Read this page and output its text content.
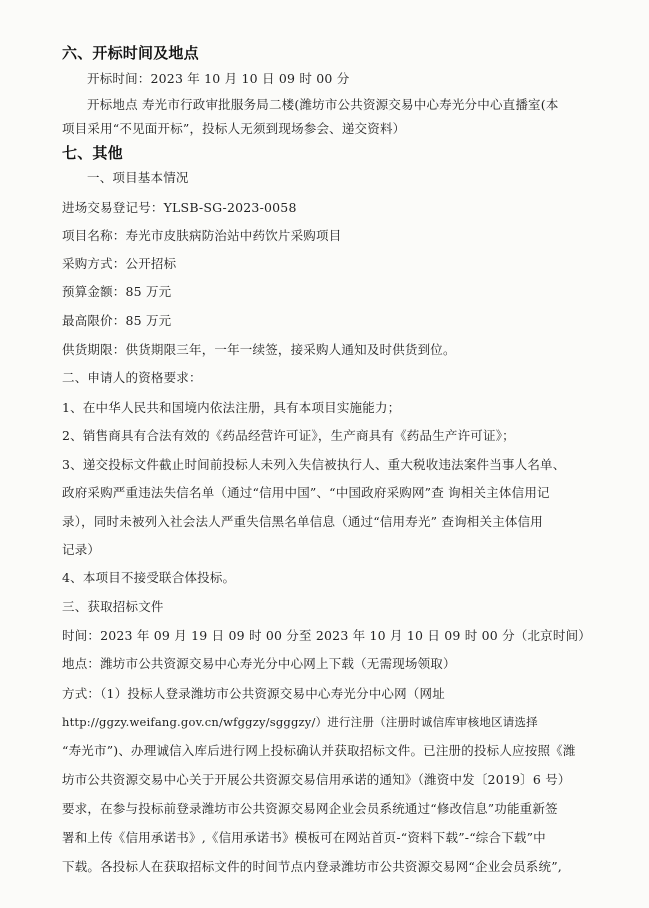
六、开标时间及地点
开标时间：2023 年 10 月 10 日 09 时 00 分
开标地点 寿光市行政审批服务局二楼(潍坊市公共资源交易中心寿光分中心直播室(本
项目采用“不见面开标”，投标人无须到现场参会、递交资料）
七、其他
一、项目基本情况
进场交易登记号：YLSB-SG-2023-0058
项目名称：寿光市皮肤病防治站中药饮片采购项目
采购方式：公开招标
预算金额：85 万元
最高限价：85 万元
供货期限：供货期限三年，一年一续签，接采购人通知及时供货到位。
二、申请人的资格要求：
1、在中华人民共和国境内依法注册，具有本项目实施能力；
2、销售商具有合法有效的《药品经营许可证》，生产商具有《药品生产许可证》；
3、递交投标文件截止时间前投标人未列入失信被执行人、重大税收违法案件当事人名单、
政府采购严重违法失信名单（通过“信用中国”、“中国政府采购网”查 询相关主体信用记
录），同时未被列入社会法人严重失信黑名单信息（通过“信用寿光” 查询相关主体信用
记录）
4、本项目不接受联合体投标。
三、获取招标文件
时间：2023 年 09 月 19 日 09 时 00 分至 2023 年 10 月 10 日 09 时 00 分（北京时间）
地点：潍坊市公共资源交易中心寿光分中心网上下载（无需现场领取）
方式：（1）投标人登录潍坊市公共资源交易中心寿光分中心网（网址
http://ggzy.weifang.gov.cn/wfggzy/sgggzy/）进行注册（注册时诚信库审核地区请选择
“寿光市”)、办理诚信入库后进行网上投标确认并获取招标文件。已注册的投标人应按照《潍
坊市公共资源交易中心关于开展公共资源交易信用承诺的通知》（潍资中发〔2019〕6 号）
要求，在参与投标前登录潍坊市公共资源交易网企业会员系统通过“修改信息”功能重新签
署和上传《信用承诺书》,《信用承诺书》模板可在网站首页-“资料下载”-“综合下载”中
下载。各投标人在获取招标文件的时间节点内登录潍坊市公共资源交易网“企业会员系统”,
